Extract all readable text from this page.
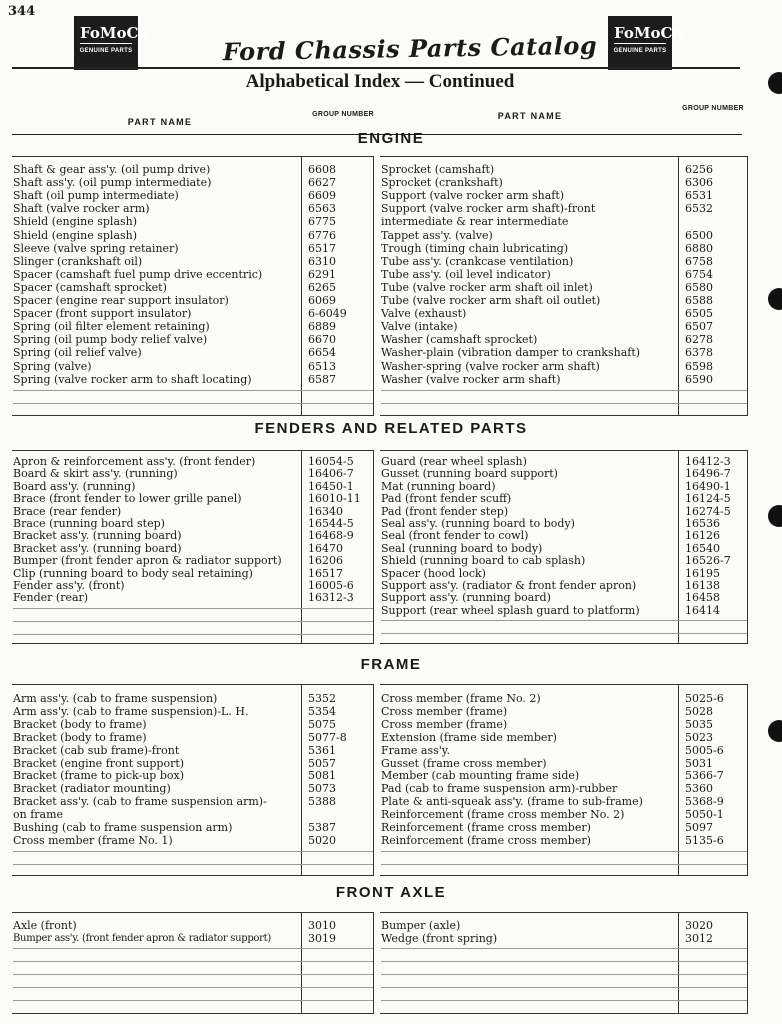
344
FoMoCo
GENUINE PARTS
FoMoCo
GENUINE PARTS
Ford Chassis Parts Catalog
Alphabetical Index — Continued
PART NAME
GROUP NUMBER	PART NAME
GROUP NUMBER
ENGINE
Shaft & gear ass'y. (oil pump drive)	6608
Shaft ass'y. (oil pump intermediate)	6627
Shaft (oil pump intermediate)	6609
Shaft (valve rocker arm)	6563
Shield (engine splash)	6775
Shield (engine splash)	6776
Sleeve (valve spring retainer)	6517
Slinger (crankshaft oil)	6310
Spacer (camshaft fuel pump drive eccentric)	6291
Spacer (camshaft sprocket)	6265
Spacer (engine rear support insulator)	6069
Spacer (front support insulator)	6-6049
Spring (oil filter element retaining)	6889
Spring (oil pump body relief valve)	6670
Spring (oil relief valve)	6654
Spring (valve)	6513
Spring (valve rocker arm to shaft locating)	6587
Sprocket (camshaft)	6256
Sprocket (crankshaft)	6306
Support (valve rocker arm shaft)	6531
Support (valve rocker arm shaft)-front	6532
intermediate & rear intermediate
Tappet ass'y. (valve)	6500
Trough (timing chain lubricating)	6880
Tube ass'y. (crankcase ventilation)	6758
Tube ass'y. (oil level indicator)	6754
Tube (valve rocker arm shaft oil inlet)	6580
Tube (valve rocker arm shaft oil outlet)	6588
Valve (exhaust)	6505
Valve (intake)	6507
Washer (camshaft sprocket)	6278
Washer-plain (vibration damper to crankshaft)	6378
Washer-spring (valve rocker arm shaft)	6598
Washer (valve rocker arm shaft)	6590
FENDERS AND RELATED PARTS
Apron & reinforcement ass'y. (front fender)	16054-5
Board & skirt ass'y. (running)	16406-7
Board ass'y. (running)	16450-1
Brace (front fender to lower grille panel)	16010-11
Brace (rear fender)	16340
Brace (running board step)	16544-5
Bracket ass'y. (running board)	16468-9
Bracket ass'y. (running board)	16470
Bumper (front fender apron & radiator support)	16206
Clip (running board to body seal retaining)	16517
Fender ass'y. (front)	16005-6
Fender (rear)	16312-3
Guard (rear wheel splash)	16412-3
Gusset (running board support)	16496-7
Mat (running board)	16490-1
Pad (front fender scuff)	16124-5
Pad (front fender step)	16274-5
Seal ass'y. (running board to body)	16536
Seal (front fender to cowl)	16126
Seal (running board to body)	16540
Shield (running board to cab splash)	16526-7
Spacer (hood lock)	16195
Support ass'y. (radiator & front fender apron)	16138
Support ass'y. (running board)	16458
Support (rear wheel splash guard to platform)	16414
FRAME
Arm ass'y. (cab to frame suspension)	5352
Arm ass'y. (cab to frame suspension)-L. H.	5354
Bracket (body to frame)	5075
Bracket (body to frame)	5077-8
Bracket (cab sub frame)-front	5361
Bracket (engine front support)	5057
Bracket (frame to pick-up box)	5081
Bracket (radiator mounting)	5073
Bracket ass'y. (cab to frame suspension arm)-	5388
on frame
Bushing (cab to frame suspension arm)	5387
Cross member (frame No. 1)	5020
Cross member (frame No. 2)	5025-6
Cross member (frame)	5028
Cross member (frame)	5035
Extension (frame side member)	5023
Frame ass'y.	5005-6
Gusset (frame cross member)	5031
Member (cab mounting frame side)	5366-7
Pad (cab to frame suspension arm)-rubber	5360
Plate & anti-squeak ass'y. (frame to sub-frame)	5368-9
Reinforcement (frame cross member No. 2)	5050-1
Reinforcement (frame cross member)	5097
Reinforcement (frame cross member)	5135-6
FRONT AXLE
Axle (front)	3010
Bumper ass'y. (front fender apron & radiator support)	3019
Bumper (axle)	3020
Wedge (front spring)	3012
